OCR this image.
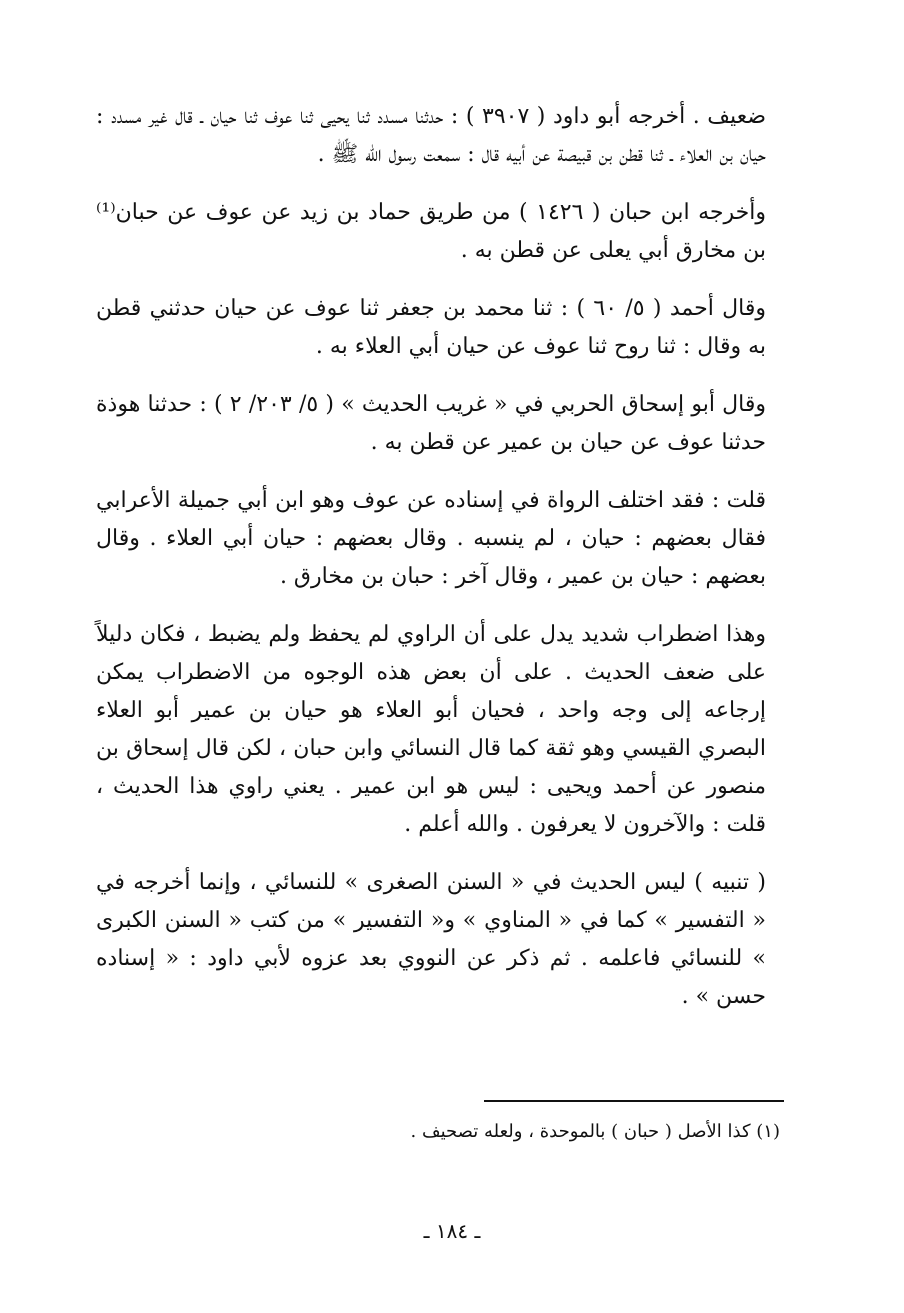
ضعيف . أخرجه أبو داود ( ٣٩٠٧ ) : حدثنا مسدد ثنا يحيى ثنا عوف ثنا حيان ـ قال غير مسدد : حيان بن العلاء ـ ثنا قطن بن قبيصة عن أبيه قال : سمعت رسول الله ﷺ .

وأخرجه ابن حبان ( ١٤٢٦ ) من طريق حماد بن زيد عن عوف عن حبان⁽¹⁾ بن مخارق أبي يعلى عن قطن به .

وقال أحمد ( ٥/ ٦٠ ) : ثنا محمد بن جعفر ثنا عوف عن حيان حدثني قطن به وقال : ثنا روح ثنا عوف عن حيان أبي العلاء به .

وقال أبو إسحاق الحربي في « غريب الحديث » ( ٥/ ٢٠٣/ ٢ ) : حدثنا هوذة حدثنا عوف عن حيان بن عمير عن قطن به .

قلت : فقد اختلف الرواة في إسناده عن عوف وهو ابن أبي جميلة الأعرابي فقال بعضهم : حيان ، لم ينسبه . وقال بعضهم : حيان أبي العلاء . وقال بعضهم : حيان بن عمير ، وقال آخر : حبان بن مخارق .

وهذا اضطراب شديد يدل على أن الراوي لم يحفظ ولم يضبط ، فكان دليلاً على ضعف الحديث . على أن بعض هذه الوجوه من الاضطراب يمكن إرجاعه إلى وجه واحد ، فحيان أبو العلاء هو حيان بن عمير أبو العلاء البصري القيسي وهو ثقة كما قال النسائي وابن حبان ، لكن قال إسحاق بن منصور عن أحمد ويحيى : ليس هو ابن عمير . يعني راوي هذا الحديث ، قلت : والآخرون لا يعرفون . والله أعلم .

( تنبيه ) ليس الحديث في « السنن الصغرى » للنسائي ، وإنما أخرجه في « التفسير » كما في « المناوي » و« التفسير » من كتب « السنن الكبرى » للنسائي فاعلمه . ثم ذكر عن النووي بعد عزوه لأبي داود : « إسناده حسن » .

(١) كذا الأصل ( حبان ) بالموحدة ، ولعله تصحيف .

ـ ١٨٤ ـ
